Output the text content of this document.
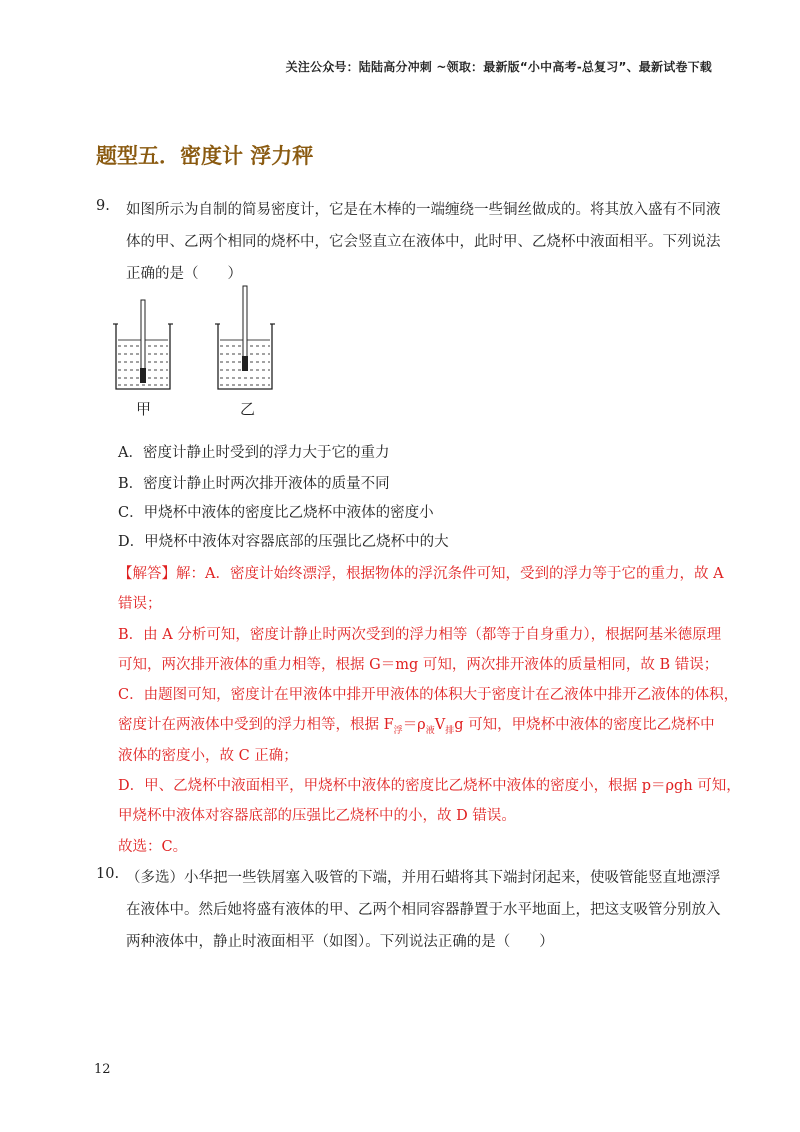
关注公众号：陆陆高分冲刺 ~领取：最新版“小中高考-总复习”、最新试卷下载
题型五．密度计 浮力秤
9. 如图所示为自制的简易密度计，它是在木棒的一端缠绕一些铜丝做成的。将其放入盛有不同液
体的甲、乙两个相同的烧杯中，它会竖直立在液体中，此时甲、乙烧杯中液面相平。下列说法
正确的是（　　）
甲	乙
A．密度计静止时受到的浮力大于它的重力
B．密度计静止时两次排开液体的质量不同
C．甲烧杯中液体的密度比乙烧杯中液体的密度小
D．甲烧杯中液体对容器底部的压强比乙烧杯中的大
【解答】解：A．密度计始终漂浮，根据物体的浮沉条件可知，受到的浮力等于它的重力，故 A
错误；
B．由 A 分析可知，密度计静止时两次受到的浮力相等（都等于自身重力），根据阿基米德原理
可知，两次排开液体的重力相等，根据 G＝mg 可知，两次排开液体的质量相同，故 B 错误；
C．由题图可知，密度计在甲液体中排开甲液体的体积大于密度计在乙液体中排开乙液体的体积，
密度计在两液体中受到的浮力相等，根据 $F_浮=\rho_液V_排g$ 可知，甲烧杯中液体的密度比乙烧杯中
液体的密度小，故 C 正确；
D．甲、乙烧杯中液面相平，甲烧杯中液体的密度比乙烧杯中液体的密度小，根据 p＝ρgh 可知，
甲烧杯中液体对容器底部的压强比乙烧杯中的小，故 D 错误。
故选：C。
10. （多选）小华把一些铁屑塞入吸管的下端，并用石蜡将其下端封闭起来，使吸管能竖直地漂浮
在液体中。然后她将盛有液体的甲、乙两个相同容器静置于水平地面上，把这支吸管分别放入
两种液体中，静止时液面相平（如图）。下列说法正确的是（　　）
12
